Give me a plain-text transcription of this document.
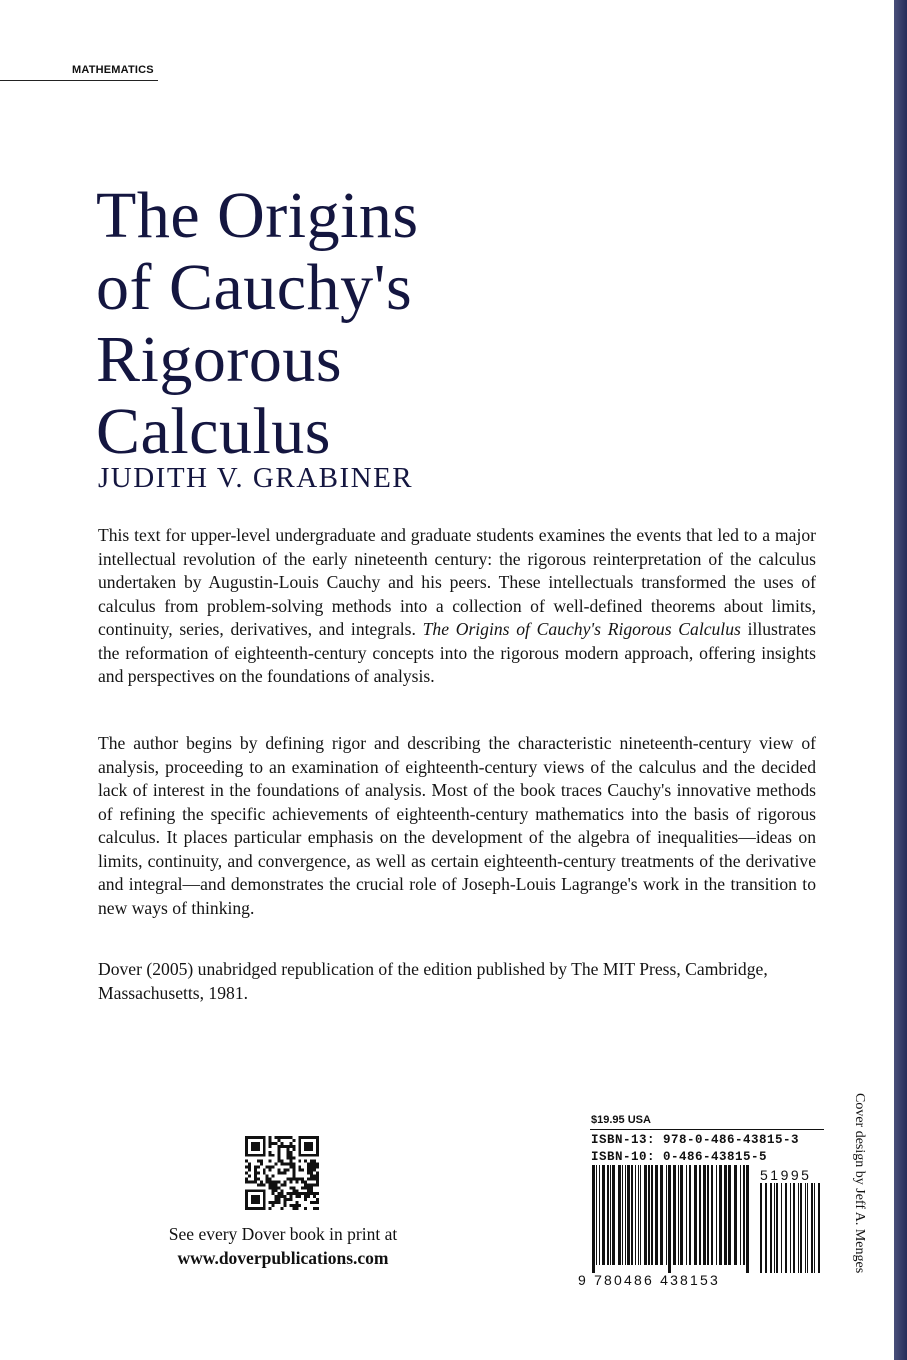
MATHEMATICS
The Origins
of Cauchy's
Rigorous
Calculus
JUDITH V. GRABINER

This text for upper-level undergraduate and graduate students examines the events that led to a major intellectual revolution of the early nineteenth century: the rigorous reinterpretation of the calculus undertaken by Augustin-Louis Cauchy and his peers. These intellectuals transformed the uses of calculus from problem-solving methods into a collection of well-defined theorems about limits, continuity, series, derivatives, and integrals. The Origins of Cauchy's Rigorous Calculus illustrates the reformation of eighteenth-century concepts into the rigorous modern approach, offering insights and perspectives on the foundations of analysis.

The author begins by defining rigor and describing the characteristic nineteenth-century view of analysis, proceeding to an examination of eighteenth-century views of the calculus and the decided lack of interest in the foundations of analysis. Most of the book traces Cauchy's innovative methods of refining the specific achievements of eighteenth-century mathematics into the basis of rigorous calculus. It places particular emphasis on the development of the algebra of inequalities—ideas on limits, continuity, and convergence, as well as certain eighteenth-century treatments of the derivative and integral—and demonstrates the crucial role of Joseph-Louis Lagrange's work in the transition to new ways of thinking.

Dover (2005) unabridged republication of the edition published by The MIT Press, Cambridge, Massachusetts, 1981.

See every Dover book in print at
www.doverpublications.com
$19.95 USA
ISBN-13: 978-0-486-43815-3
ISBN-10: 0-486-43815-5
51995
9 780486 438153
Cover design by Jeff A. Menges
